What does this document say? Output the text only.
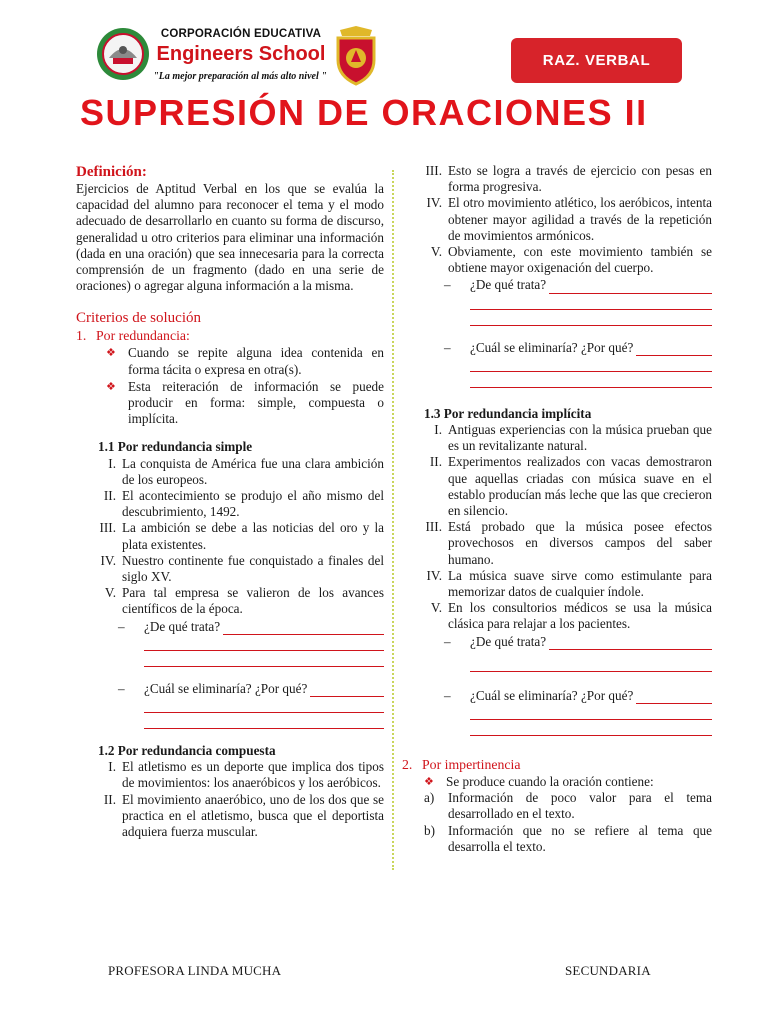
CORPORACIÓN EDUCATIVA
Engineers School
"La mejor preparación al más alto nivel "
RAZ. VERBAL
SUPRESIÓN DE ORACIONES II
Definición:
Ejercicios de Aptitud Verbal en los que se evalúa la capacidad del alumno para reconocer el tema y el modo adecuado de desarrollarlo en cuanto su forma de discurso, generalidad u otro criterios para eliminar una información (dada en una oración) que sea innecesaria para la correcta comprensión de un fragmento (dado en una serie de oraciones) o agregar alguna información a la misma.
Criterios de solución
1. Por redundancia:
❖ Cuando se repite alguna idea contenida en forma tácita o expresa en otra(s).
❖ Esta reiteración de información se puede producir en forma: simple, compuesta o implícita.
1.1 Por redundancia simple
I. La conquista de América fue una clara ambición de los europeos.
II. El acontecimiento se produjo el año mismo del descubrimiento, 1492.
III. La ambición se debe a las noticias del oro y la plata existentes.
IV. Nuestro continente fue conquistado a finales del siglo XV.
V. Para tal empresa se valieron de los avances científicos de la época.
–	¿De qué trata?
–	¿Cuál se eliminaría? ¿Por qué?
1.2 Por redundancia compuesta
I. El atletismo es un deporte que implica dos tipos de movimientos: los anaeróbicos y los aeróbicos.
II. El movimiento anaeróbico, uno de los dos que se practica en el atletismo, busca que el deportista adquiera fuerza muscular.
III. Esto se logra a través de ejercicio con pesas en forma progresiva.
IV. El otro movimiento atlético, los aeróbicos, intenta obtener mayor agilidad a través de la repetición de movimientos armónicos.
V. Obviamente, con este movimiento también se obtiene mayor oxigenación del cuerpo.
–	¿De qué trata?
–	¿Cuál se eliminaría? ¿Por qué?
1.3 Por redundancia implícita
I. Antiguas experiencias con la música prueban que es un revitalizante natural.
II. Experimentos realizados con vacas demostraron que aquellas criadas con música suave en el establo producían más leche que las que crecieron en silencio.
III. Está probado que la música posee efectos provechosos en diversos campos del saber humano.
IV. La música suave sirve como estimulante para memorizar datos de cualquier índole.
V. En los consultorios médicos se usa la música clásica para relajar a los pacientes.
–	¿De qué trata?
–	¿Cuál se eliminaría? ¿Por qué?
2. Por impertinencia
❖ Se produce cuando la oración contiene:
a)	Información de poco valor para el tema desarrollado en el texto.
b) Información que no se refiere al tema que desarrolla el texto.
PROFESORA LINDA MUCHA	SECUNDARIA
